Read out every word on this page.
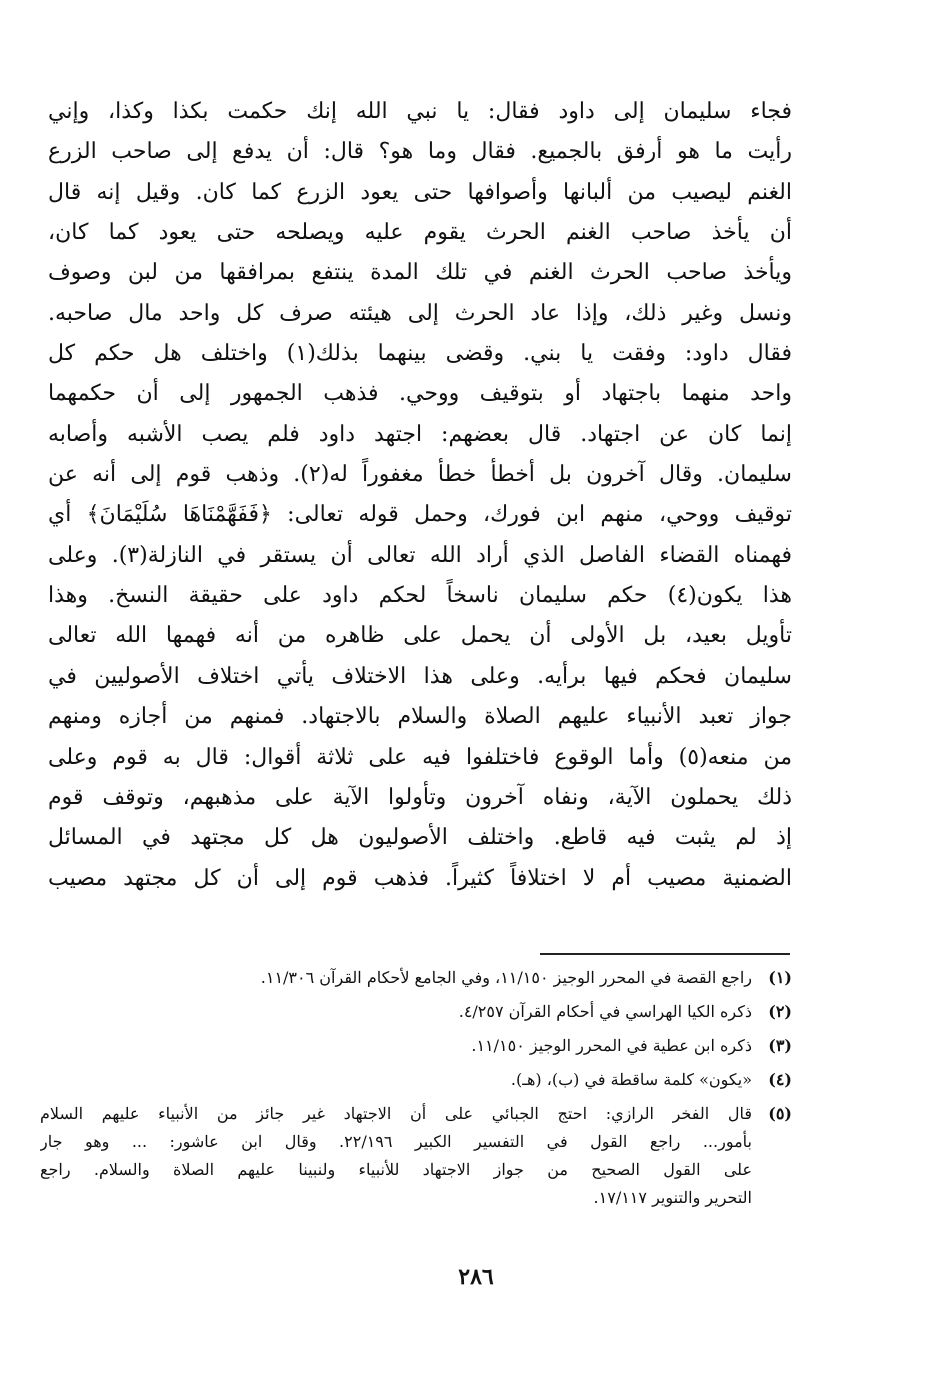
فجاء سليمان إلى داود فقال: يا نبي الله إنك حكمت بكذا وكذا، وإني
رأيت ما هو أرفق بالجميع. فقال وما هو؟ قال: أن يدفع إلى صاحب الزرع
الغنم ليصيب من ألبانها وأصوافها حتى يعود الزرع كما كان. وقيل إنه قال
أن يأخذ صاحب الغنم الحرث يقوم عليه ويصلحه حتى يعود كما كان،
ويأخذ صاحب الحرث الغنم في تلك المدة ينتفع بمرافقها من لبن وصوف
ونسل وغير ذلك، وإذا عاد الحرث إلى هيئته صرف كل واحد مال صاحبه.
فقال داود: وفقت يا بني. وقضى بينهما بذلك(١) واختلف هل حكم كل
واحد منهما باجتهاد أو بتوقيف ووحي. فذهب الجمهور إلى أن حكمهما
إنما كان عن اجتهاد. قال بعضهم: اجتهد داود فلم يصب الأشبه وأصابه
سليمان. وقال آخرون بل أخطأ خطأ مغفوراً له(٢). وذهب قوم إلى أنه عن
توقيف ووحي، منهم ابن فورك، وحمل قوله تعالى: ﴿فَفَهَّمْنَاهَا سُلَيْمَانَ﴾ أي
فهمناه القضاء الفاصل الذي أراد الله تعالى أن يستقر في النازلة(٣). وعلى
هذا يكون(٤) حكم سليمان ناسخاً لحكم داود على حقيقة النسخ. وهذا
تأويل بعيد، بل الأولى أن يحمل على ظاهره من أنه فهمها الله تعالى
سليمان فحكم فيها برأيه. وعلى هذا الاختلاف يأتي اختلاف الأصوليين في
جواز تعبد الأنبياء عليهم الصلاة والسلام بالاجتهاد. فمنهم من أجازه ومنهم
من منعه(٥) وأما الوقوع فاختلفوا فيه على ثلاثة أقوال: قال به قوم وعلى
ذلك يحملون الآية، ونفاه آخرون وتأولوا الآية على مذهبهم، وتوقف قوم
إذ لم يثبت فيه قاطع. واختلف الأصوليون هل كل مجتهد في المسائل
الضمنية مصيب أم لا اختلافاً كثيراً. فذهب قوم إلى أن كل مجتهد مصيب
(١)
راجع القصة في المحرر الوجيز ١١/١٥٠، وفي الجامع لأحكام القرآن ١١/٣٠٦.
(٢)
ذكره الكيا الهراسي في أحكام القرآن ٤/٢٥٧.
(٣)
ذكره ابن عطية في المحرر الوجيز ١١/١٥٠.
(٤)
«يكون» كلمة ساقطة في (ب)، (هـ).
(٥)
قال الفخر الرازي: احتج الجبائي على أن الاجتهاد غير جائز من الأنبياء عليهم السلام
بأمور... راجع القول في التفسير الكبير ٢٢/١٩٦. وقال ابن عاشور: ... وهو جار
على القول الصحيح من جواز الاجتهاد للأنبياء ولنبينا عليهم الصلاة والسلام. راجع
التحرير والتنوير ١٧/١١٧.
٢٨٦
